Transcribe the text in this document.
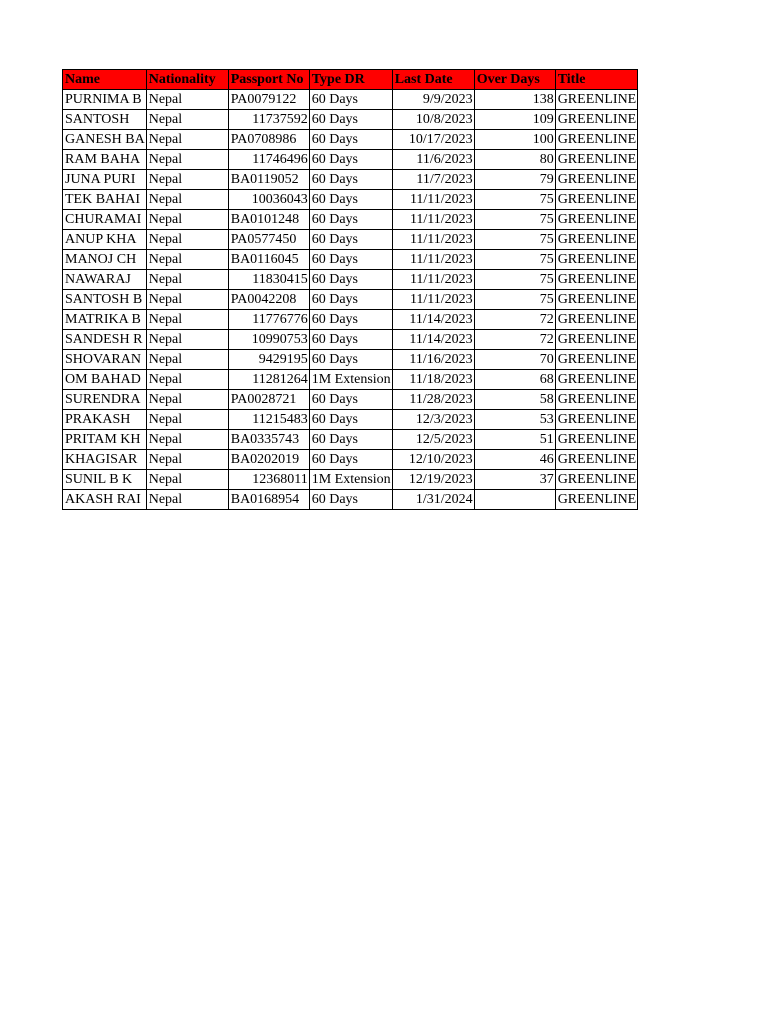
Name	Nationality	Passport No	Type DR	Last Date	Over Days	Title
PURNIMA B	Nepal	PA0079122	60 Days	9/9/2023	138	GREENLINE
SANTOSH	Nepal	11737592	60 Days	10/8/2023	109	GREENLINE
GANESH BA	Nepal	PA0708986	60 Days	10/17/2023	100	GREENLINE
RAM BAHA	Nepal	11746496	60 Days	11/6/2023	80	GREENLINE
JUNA PURI	Nepal	BA0119052	60 Days	11/7/2023	79	GREENLINE
TEK BAHAI	Nepal	10036043	60 Days	11/11/2023	75	GREENLINE
CHURAMAI	Nepal	BA0101248	60 Days	11/11/2023	75	GREENLINE
ANUP KHA	Nepal	PA0577450	60 Days	11/11/2023	75	GREENLINE
MANOJ CH	Nepal	BA0116045	60 Days	11/11/2023	75	GREENLINE
NAWARAJ	Nepal	11830415	60 Days	11/11/2023	75	GREENLINE
SANTOSH B	Nepal	PA0042208	60 Days	11/11/2023	75	GREENLINE
MATRIKA B	Nepal	11776776	60 Days	11/14/2023	72	GREENLINE
SANDESH R	Nepal	10990753	60 Days	11/14/2023	72	GREENLINE
SHOVARAN	Nepal	9429195	60 Days	11/16/2023	70	GREENLINE
OM BAHAD	Nepal	11281264	1M Extension	11/18/2023	68	GREENLINE
SURENDRA	Nepal	PA0028721	60 Days	11/28/2023	58	GREENLINE
PRAKASH	Nepal	11215483	60 Days	12/3/2023	53	GREENLINE
PRITAM KH	Nepal	BA0335743	60 Days	12/5/2023	51	GREENLINE
KHAGISAR	Nepal	BA0202019	60 Days	12/10/2023	46	GREENLINE
SUNIL B K	Nepal	12368011	1M Extension	12/19/2023	37	GREENLINE
AKASH RAI	Nepal	BA0168954	60 Days	1/31/2024		GREENLINE
